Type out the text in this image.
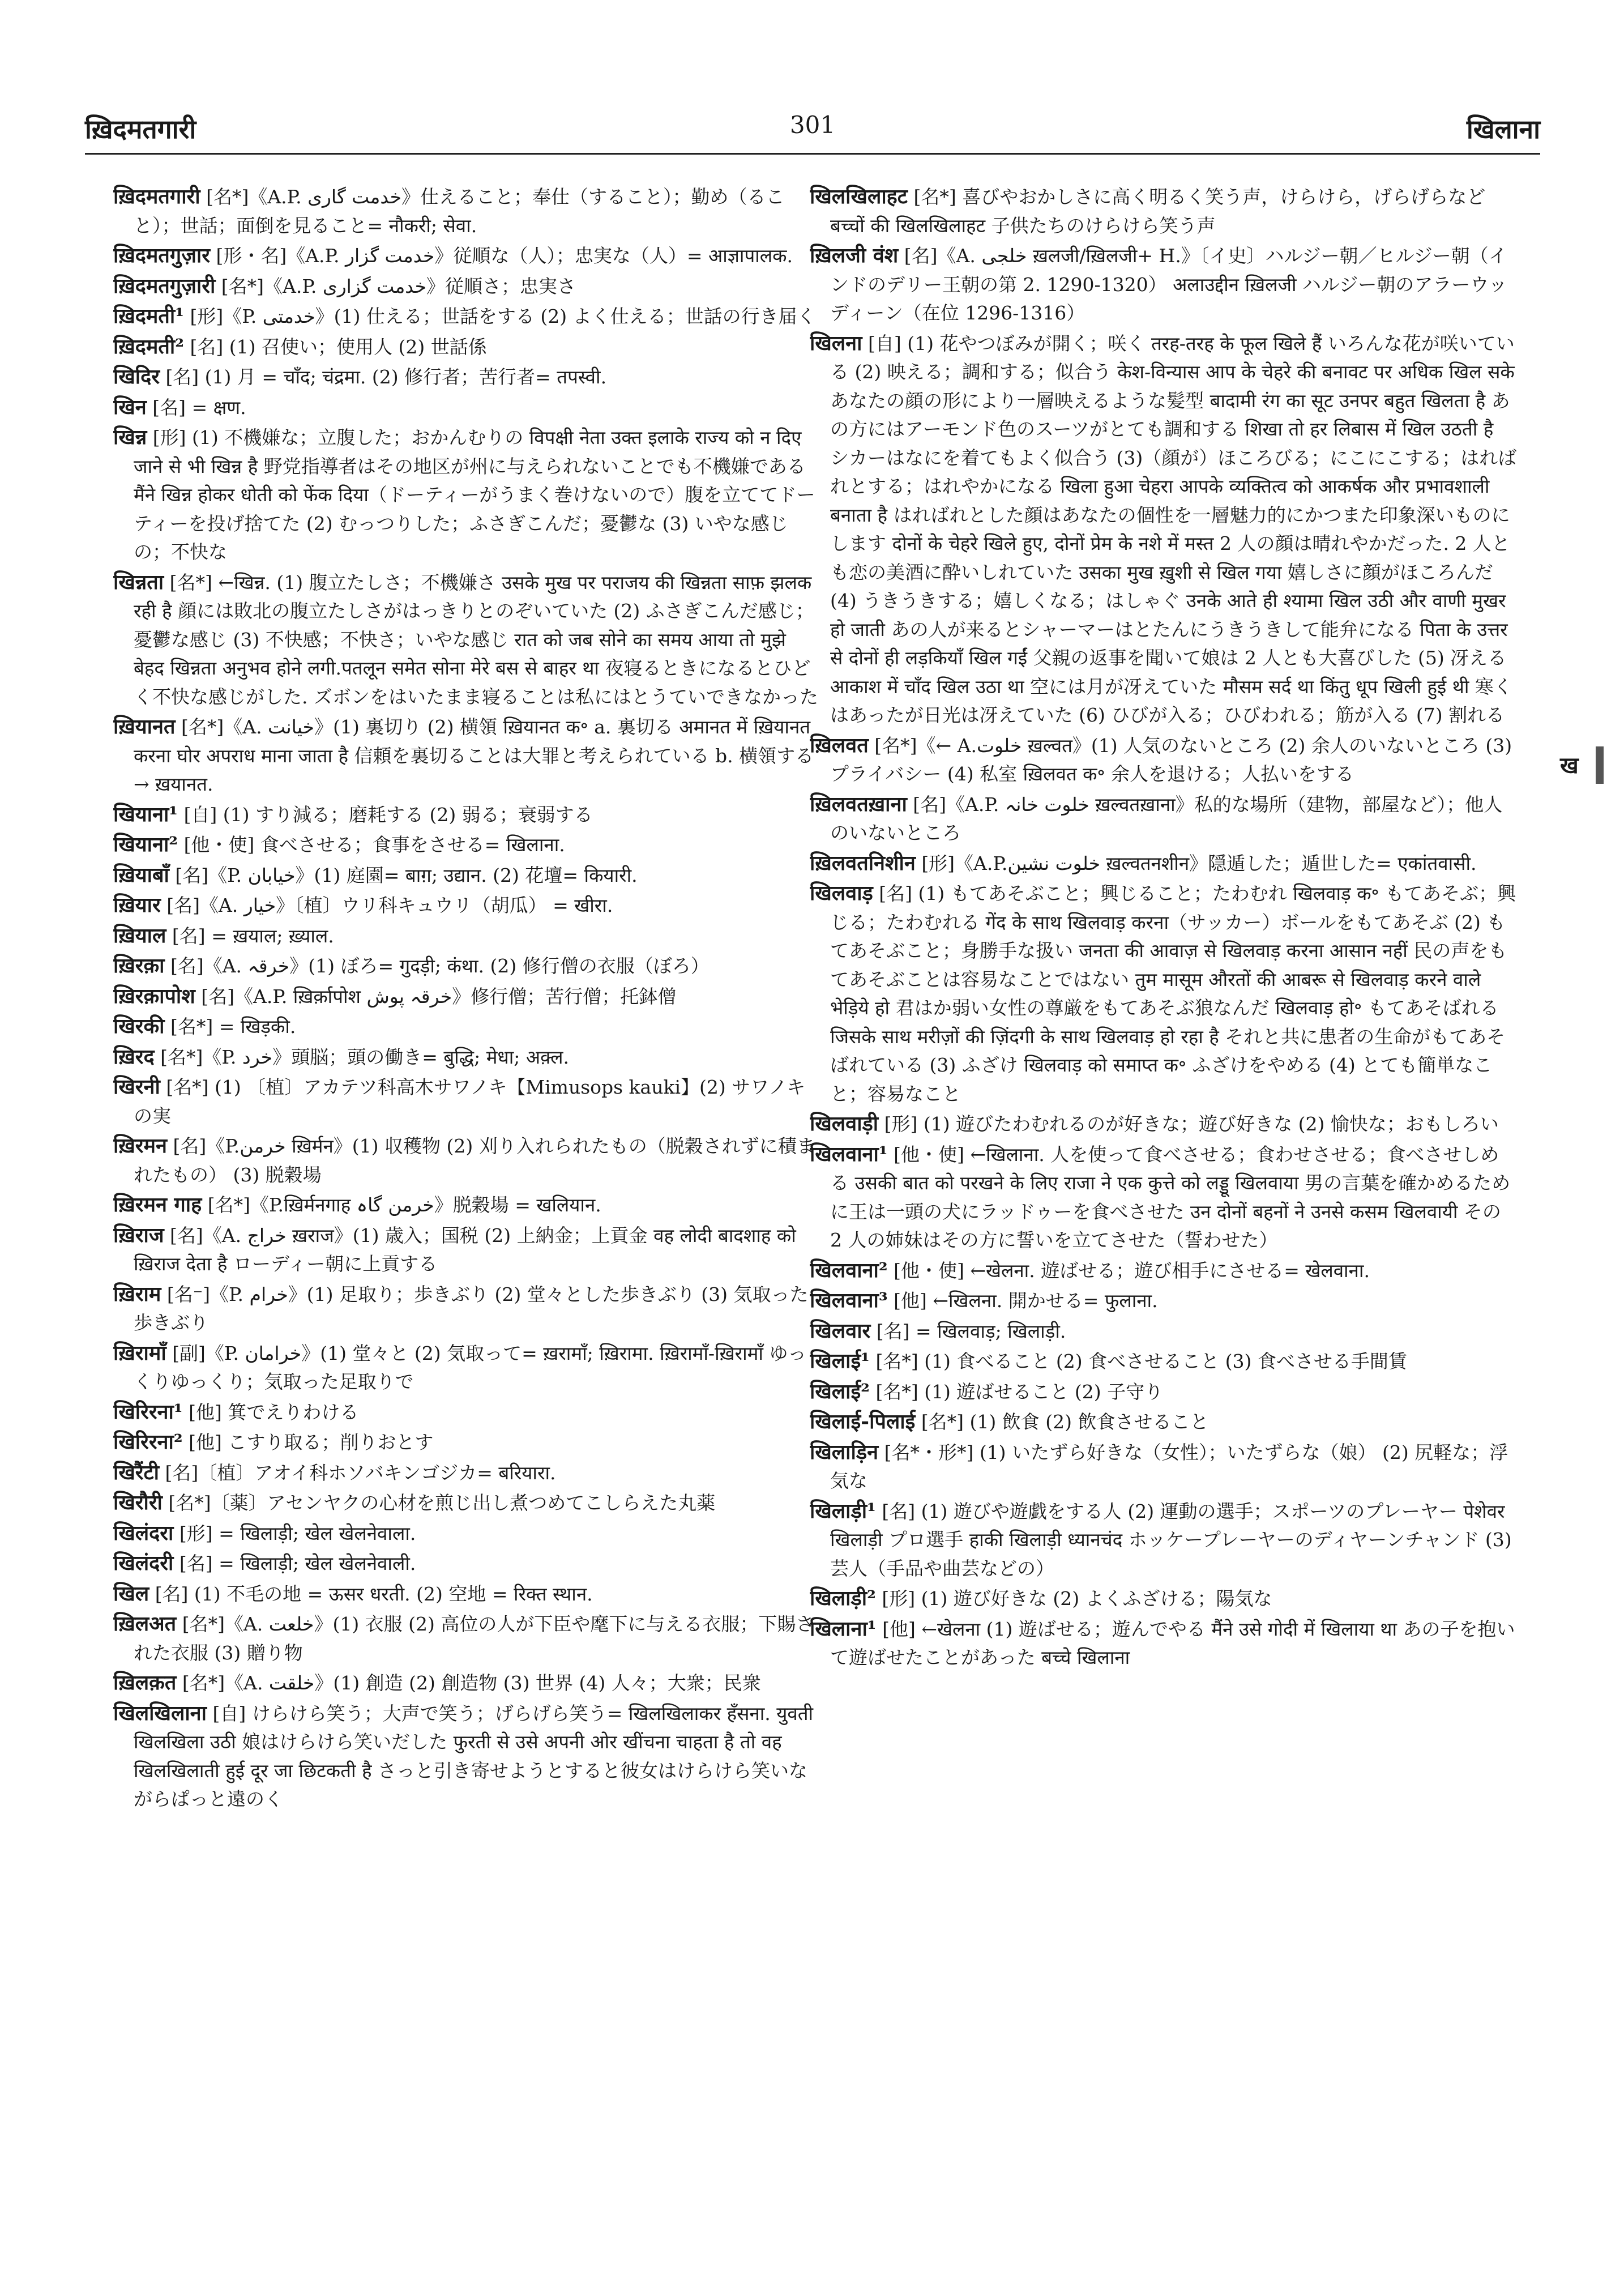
ख़िदमतगारी	301	खिलाना

ख़िदमतगारी [名*]《A.P. خدمت گاری》仕えること；奉仕（すること）；勤め（ること）；世話；面倒を見ること= नौकरी; सेवा.

ख़िदमतगुज़ार [形・名]《A.P. خدمت گزار》従順な（人）；忠実な（人）= आज्ञापालक.

ख़िदमतगुज़ारी [名*]《A.P. خدمت گزاری》従順さ；忠実さ

ख़िदमती¹ [形]《P. خدمتی》(1) 仕える；世話をする (2) よく仕える；世話の行き届く

ख़िदमती² [名] (1) 召使い；使用人 (2) 世話係

खिदिर [名] (1) 月 = चाँद; चंद्रमा. (2) 修行者；苦行者= तपस्वी.

खिन [名] = क्षण.

खिन्न [形] (1) 不機嫌な；立腹した；おかんむりの विपक्षी नेता उक्त इलाके राज्य को न दिए जाने से भी खिन्न है 野党指導者はその地区が州に与えられないことでも不機嫌である मैंने खिन्न होकर धोती को फेंक दिया（ドーティーがうまく巻けないので）腹を立ててドーティーを投げ捨てた (2) むっつりした；ふさぎこんだ；憂鬱な (3) いやな感じの；不快な

खिन्नता [名*] ←खिन्न. (1) 腹立たしさ；不機嫌さ उसके मुख पर पराजय की खिन्नता साफ़ झलक रही है 顔には敗北の腹立たしさがはっきりとのぞいていた (2) ふさぎこんだ感じ；憂鬱な感じ (3) 不快感；不快さ；いやな感じ रात को जब सोने का समय आया तो मुझे बेहद खिन्नता अनुभव होने लगी.पतलून समेत सोना मेरे बस से बाहर था 夜寝るときになるとひどく不快な感じがした. ズボンをはいたまま寝ることは私にはとうていできなかった

ख़ियानत [名*]《A. خیانت》(1) 裏切り (2) 横領 ख़ियानत क॰ a. 裏切る अमानत में ख़ियानत करना घोर अपराध माना जाता है 信頼を裏切ることは大罪と考えられている b. 横領する→ ख़यानत.

खियाना¹ [自] (1) すり減る；磨耗する (2) 弱る；衰弱する

खियाना² [他・使] 食べさせる；食事をさせる= खिलाना.

ख़ियाबाँ [名]《P. خیابان》(1) 庭園= बाग़; उद्यान. (2) 花壇= कियारी.

ख़ियार [名]《A. خیار》〔植〕ウリ科キュウリ（胡瓜） = खीरा.

ख़ियाल [名] = ख़याल; ख़्याल.

ख़िरक़ा [名]《A. خرقہ》(1) ぼろ= गुदड़ी; कंथा. (2) 修行僧の衣服（ぼろ）

ख़िरक़ापोश [名]《A.P. ख़िर्क़ापोश خرقہ پوش》修行僧；苦行僧；托鉢僧

खिरकी [名*] = खिड़की.

ख़िरद [名*]《P. خرد》頭脳；頭の働き= बुद्धि; मेधा; अक़्ल.

खिरनी [名*] (1) 〔植〕アカテツ科高木サワノキ【Mimusops kauki】(2) サワノキの実

ख़िरमन [名]《P.خرمن ख़िर्मन》(1) 収穫物 (2) 刈り入れられたもの（脱穀されずに積まれたもの） (3) 脱穀場

ख़िरमन गाह [名*]《P.ख़िर्मनगाह خرمن گاہ》脱穀場 = खलियान.

ख़िराज [名]《A. خراج ख़राज》(1) 歳入；国税 (2) 上納金；上貢金 वह लोदी बादशाह को ख़िराज देता है ローディー朝に上貢する

ख़िराम [名⁻]《P. خرام》(1) 足取り；歩きぶり (2) 堂々とした歩きぶり (3) 気取った歩きぶり

ख़िरामाँ [副]《P. خرامان》(1) 堂々と (2) 気取って= ख़रामाँ; ख़िरामा. ख़िरामाँ-ख़िरामाँ ゆっくりゆっくり；気取った足取りで

खिरिरना¹ [他] 箕でえりわける

खिरिरना² [他] こすり取る；削りおとす

खिरैंटी [名]〔植〕アオイ科ホソバキンゴジカ= बरियारा.

खिरौरी [名*]〔薬〕アセンヤクの心材を煎じ出し煮つめてこしらえた丸薬

खिलंदरा [形] = खिलाड़ी; खेल खेलनेवाला.

खिलंदरी [名] = खिलाड़ी; खेल खेलनेवाली.

खिल [名] (1) 不毛の地 = ऊसर धरती. (2) 空地 = रिक्त स्थान.

ख़िलअत [名*]《A. خلعت》(1) 衣服 (2) 高位の人が下臣や麾下に与える衣服；下賜された衣服 (3) 贈り物

ख़िलक़त [名*]《A. خلقت》(1) 創造 (2) 創造物 (3) 世界 (4) 人々；大衆；民衆

खिलखिलाना [自] けらけら笑う；大声で笑う；げらげら笑う= खिलखिलाकर हँसना. युवती खिलखिला उठी 娘はけらけら笑いだした फुरती से उसे अपनी ओर खींचना चाहता है तो वह खिलखिलाती हुई दूर जा छिटकती है さっと引き寄せようとすると彼女はけらけら笑いながらぱっと遠のく

खिलखिलाहट [名*] 喜びやおかしさに高く明るく笑う声，けらけら，げらげらなど बच्चों की खिलखिलाहट 子供たちのけらけら笑う声

ख़िलजी वंश [名]《A. خلجی ख़लजी/ख़िलजी+ H.》〔イ史〕ハルジー朝／ヒルジー朝（インドのデリー王朝の第 2. 1290-1320） अलाउद्दीन ख़िलजी ハルジー朝のアラーウッディーン（在位 1296-1316）

खिलना [自] (1) 花やつぼみが開く；咲く तरह-तरह के फूल खिले हैं いろんな花が咲いている (2) 映える；調和する；似合う केश-विन्यास आप के चेहरे की बनावट पर अधिक खिल सके あなたの顔の形により一層映えるような髪型 बादामी रंग का सूट उनपर बहुत खिलता है あの方にはアーモンド色のスーツがとても調和する शिखा तो हर लिबास में खिल उठती है シカーはなにを着てもよく似合う (3)（顔が）ほころびる；にこにこする；はればれとする；はれやかになる खिला हुआ चेहरा आपके व्यक्तित्व को आकर्षक और प्रभावशाली बनाता है はればれとした顔はあなたの個性を一層魅力的にかつまた印象深いものにします दोनों के चेहरे खिले हुए, दोनों प्रेम के नशे में मस्त 2 人の顔は晴れやかだった. 2 人とも恋の美酒に酔いしれていた उसका मुख ख़ुशी से खिल गया 嬉しさに顔がほころんだ (4) うきうきする；嬉しくなる；はしゃぐ उनके आते ही श्यामा खिल उठी और वाणी मुखर हो जाती あの人が来るとシャーマーはとたんにうきうきして能弁になる पिता के उत्तर से दोनों ही लड़कियाँ खिल गईं 父親の返事を聞いて娘は 2 人とも大喜びした (5) 冴える आकाश में चाँद खिल उठा था 空には月が冴えていた मौसम सर्द था किंतु धूप खिली हुई थी 寒くはあったが日光は冴えていた (6) ひびが入る；ひびわれる；筋が入る (7) 割れる

ख़िलवत [名*]《← A.خلوت ख़ल्वत》(1) 人気のないところ (2) 余人のいないところ (3) プライバシー (4) 私室 ख़िलवत क॰ 余人を退ける；人払いをする

ख़िलवतख़ाना [名]《A.P. خلوت خانہ ख़ल्वतख़ाना》私的な場所（建物，部屋など）；他人のいないところ

ख़िलवतनिशीन [形]《A.P.خلوت نشین ख़ल्वतनशीन》隠遁した；遁世した= एकांतवासी.

खिलवाड़ [名] (1) もてあそぶこと；興じること；たわむれ खिलवाड़ क॰ もてあそぶ；興じる；たわむれる गेंद के साथ खिलवाड़ करना（サッカー）ボールをもてあそぶ (2) もてあそぶこと；身勝手な扱い जनता की आवाज़ से खिलवाड़ करना आसान नहीं 民の声をもてあそぶことは容易なことではない तुम मासूम औरतों की आबरू से खिलवाड़ करने वाले भेड़िये हो 君はか弱い女性の尊厳をもてあそぶ狼なんだ खिलवाड़ हो॰ もてあそばれる जिसके साथ मरीज़ों की ज़िंदगी के साथ खिलवाड़ हो रहा है それと共に患者の生命がもてあそばれている (3) ふざけ खिलवाड़ को समाप्त क॰ ふざけをやめる (4) とても簡単なこと；容易なこと

खिलवाड़ी [形] (1) 遊びたわむれるのが好きな；遊び好きな (2) 愉快な；おもしろい

खिलवाना¹ [他・使] ←खिलाना. 人を使って食べさせる；食わせさせる；食べさせしめる उसकी बात को परखने के लिए राजा ने एक कुत्ते को लड्डू खिलवाया 男の言葉を確かめるために王は一頭の犬にラッドゥーを食べさせた उन दोनों बहनों ने उनसे कसम खिलवायी その 2 人の姉妹はその方に誓いを立てさせた（誓わせた）

खिलवाना² [他・使] ←खेलना. 遊ばせる；遊び相手にさせる= खेलवाना.

खिलवाना³ [他] ←खिलना. 開かせる= फुलाना.

खिलवार [名] = खिलवाड़; खिलाड़ी.

खिलाई¹ [名*] (1) 食べること (2) 食べさせること (3) 食べさせる手間賃

खिलाई² [名*] (1) 遊ばせること (2) 子守り

खिलाई-पिलाई [名*] (1) 飲食 (2) 飲食させること

खिलाड़िन [名*・形*] (1) いたずら好きな（女性）；いたずらな（娘） (2) 尻軽な；浮気な

खिलाड़ी¹ [名] (1) 遊びや遊戯をする人 (2) 運動の選手；スポーツのプレーヤー पेशेवर खिलाड़ी プロ選手 हाकी खिलाड़ी ध्यानचंद ホッケープレーヤーのディヤーンチャンド (3) 芸人（手品や曲芸などの）

खिलाड़ी² [形] (1) 遊び好きな (2) よくふざける；陽気な

खिलाना¹ [他] ←खेलना (1) 遊ばせる；遊んでやる मैंने उसे गोदी में खिलाया था あの子を抱いて遊ばせたことがあった बच्चे खिलाना

ख
